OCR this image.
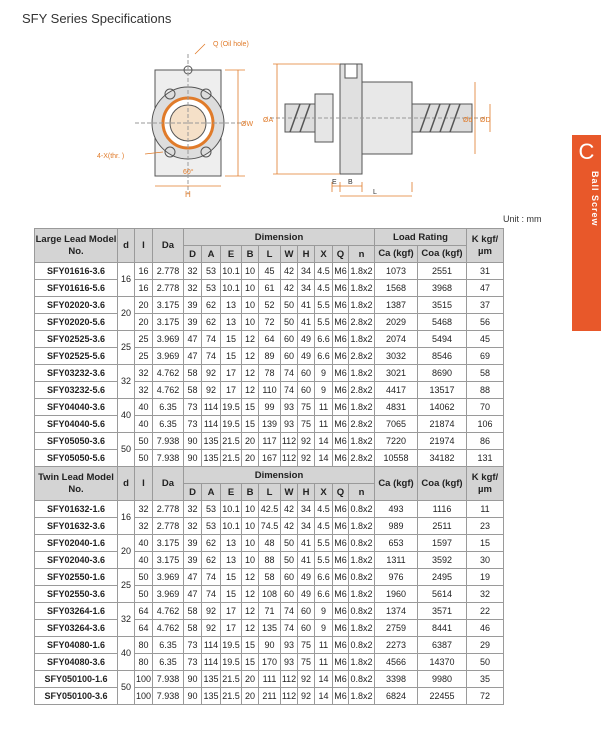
SFY Series Specifications
Q (Oil hole)
4-X(thr. )
60°
H
ØW
ØA	Ød ØD
E B
L
Unit : mm
C
Ball Screw
Large Lead Model No.	d	I	Da	Dimension										Load Rating		K kgf/µm
				D	A	E	B	L	W	H	X	Q	n	Ca (kgf)	Coa (kgf)	
SFY01616-3.6	16	16	2.778	32	53	10.1	10	45	42	34	4.5	M6	1.8x2	1073	2551	31
SFY01616-5.6		16	2.778	32	53	10.1	10	61	42	34	4.5	M6	1.8x2	1568	3968	47
SFY02020-3.6	20	20	3.175	39	62	13	10	52	50	41	5.5	M6	1.8x2	1387	3515	37
SFY02020-5.6		20	3.175	39	62	13	10	72	50	41	5.5	M6	2.8x2	2029	5468	56
SFY02525-3.6	25	25	3.969	47	74	15	12	64	60	49	6.6	M6	1.8x2	2074	5494	45
SFY02525-5.6		25	3.969	47	74	15	12	89	60	49	6.6	M6	2.8x2	3032	8546	69
SFY03232-3.6	32	32	4.762	58	92	17	12	78	74	60	9	M6	1.8x2	3021	8690	58
SFY03232-5.6		32	4.762	58	92	17	12	110	74	60	9	M6	2.8x2	4417	13517	88
SFY04040-3.6	40	40	6.35	73	114	19.5	15	99	93	75	11	M6	1.8x2	4831	14062	70
SFY04040-5.6		40	6.35	73	114	19.5	15	139	93	75	11	M6	2.8x2	7065	21874	106
SFY05050-3.6	50	50	7.938	90	135	21.5	20	117	112	92	14	M6	1.8x2	7220	21974	86
SFY05050-5.6		50	7.938	90	135	21.5	20	167	112	92	14	M6	2.8x2	10558	34182	131
Twin Lead Model No.	d	I	Da	Dimension										Ca (kgf)	Coa (kgf)	K kgf/µm
				D	A	E	B	L	W	H	X	Q	n			
SFY01632-1.6	16	32	2.778	32	53	10.1	10	42.5	42	34	4.5	M6	0.8x2	493	1116	11
SFY01632-3.6		32	2.778	32	53	10.1	10	74.5	42	34	4.5	M6	1.8x2	989	2511	23
SFY02040-1.6	20	40	3.175	39	62	13	10	48	50	41	5.5	M6	0.8x2	653	1597	15
SFY02040-3.6		40	3.175	39	62	13	10	88	50	41	5.5	M6	1.8x2	1311	3592	30
SFY02550-1.6	25	50	3.969	47	74	15	12	58	60	49	6.6	M6	0.8x2	976	2495	19
SFY02550-3.6		50	3.969	47	74	15	12	108	60	49	6.6	M6	1.8x2	1960	5614	32
SFY03264-1.6	32	64	4.762	58	92	17	12	71	74	60	9	M6	0.8x2	1374	3571	22
SFY03264-3.6		64	4.762	58	92	17	12	135	74	60	9	M6	1.8x2	2759	8441	46
SFY04080-1.6	40	80	6.35	73	114	19.5	15	90	93	75	11	M6	0.8x2	2273	6387	29
SFY04080-3.6		80	6.35	73	114	19.5	15	170	93	75	11	M6	1.8x2	4566	14370	50
SFY050100-1.6	50	100	7.938	90	135	21.5	20	111	112	92	14	M6	0.8x2	3398	9980	35
SFY050100-3.6		100	7.938	90	135	21.5	20	211	112	92	14	M6	1.8x2	6824	22455	72
